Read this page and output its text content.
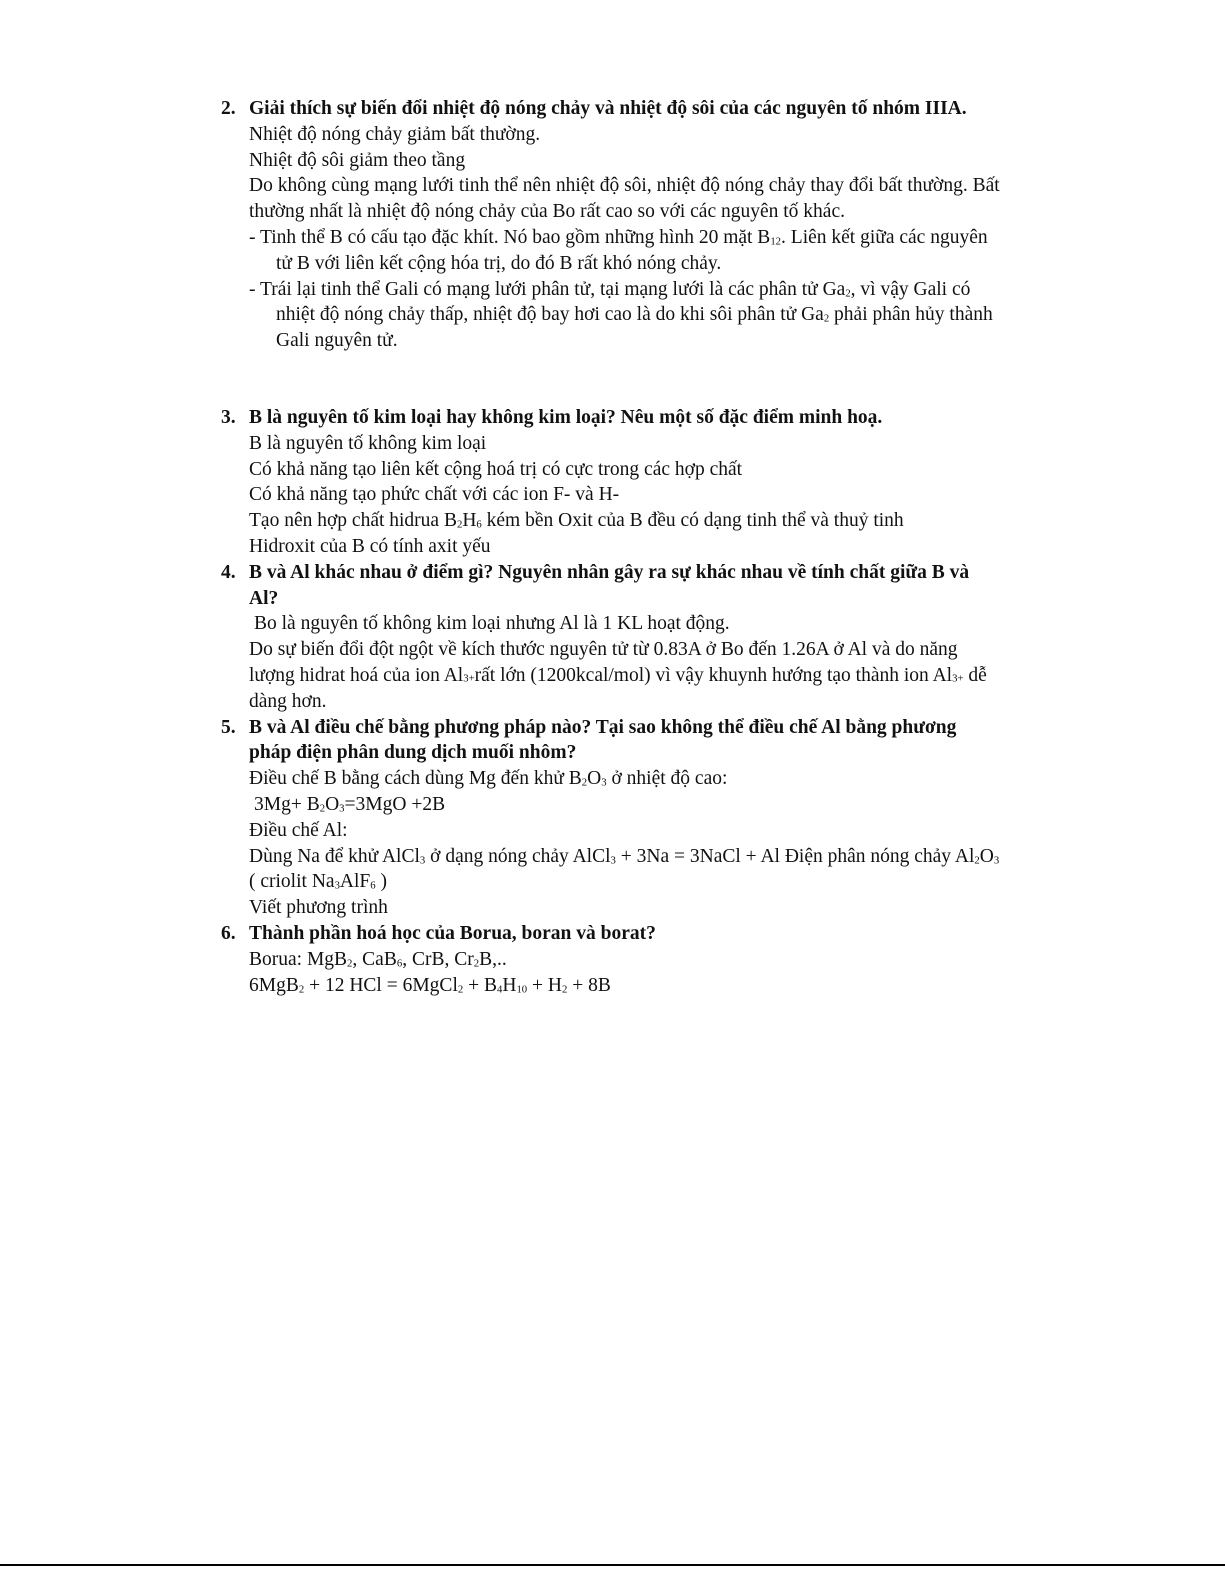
2. Giải thích sự biến đổi nhiệt độ nóng chảy và nhiệt độ sôi của các nguyên tố nhóm IIIA.
Nhiệt độ nóng chảy giảm bất thường.
Nhiệt độ sôi giảm theo tầng
Do không cùng mạng lưới tinh thể nên nhiệt độ sôi, nhiệt độ nóng chảy thay đổi bất thường. Bất thường nhất là nhiệt độ nóng chảy của Bo rất cao so với các nguyên tố khác.
- Tinh thể B có cấu tạo đặc khít. Nó bao gồm những hình 20 mặt $B_{12}$. Liên kết giữa các nguyên tử B với liên kết cộng hóa trị, do đó B rất khó nóng chảy.
- Trái lại tinh thể Gali có mạng lưới phân tử, tại mạng lưới là các phân tử $Ga_2$, vì vậy Gali có nhiệt độ nóng chảy thấp, nhiệt độ bay hơi cao là do khi sôi phân tử $Ga_2$ phải phân hủy thành Gali nguyên tử.
3. B là nguyên tố kim loại hay không kim loại? Nêu một số đặc điểm minh hoạ.
B là nguyên tố không kim loại
Có khả năng tạo liên kết cộng hoá trị có cực trong các hợp chất
Có khả năng tạo phức chất với các ion F- và H-
Tạo nên hợp chất hidrua $B_2H_6$ kém bền Oxit của B đều có dạng tinh thể và thuỷ tinh
Hidroxit của B có tính axit yếu
4. B và Al khác nhau ở điểm gì? Nguyên nhân gây ra sự khác nhau về tính chất giữa B và Al?
Bo là nguyên tố không kim loại nhưng Al là 1 KL hoạt động.
Do sự biến đổi đột ngột về kích thước nguyên tử từ 0.83A ở Bo đến 1.26A ở Al và do năng lượng hidrat hoá của ion $Al^{3+}rất$ lớn (1200kcal/mol) vì vậy khuynh hướng tạo thành ion $Al^{3+}$ dễ dàng hơn.
5. B và Al điều chế bằng phương pháp nào? Tại sao không thể điều chế Al bằng phương pháp điện phân dung dịch muối nhôm?
Điều chế B bằng cách dùng Mg đến khử $B_2O_3$ ở nhiệt độ cao:
$3Mg+ B_2O_3=3MgO +2B$
Điều chế Al:
Dùng Na để khử AlCl$_3$ ở dạng nóng chảy AlCl$_3$ + 3Na = 3NaCl + Al Điện phân nóng chảy $Al_2O_3$ ( criolit $Na_3AlF_6$ )
Viết phương trình
6. Thành phần hoá học của Borua, boran và borat?
Borua: MgB$_2$, CaB$_6$, CrB, $Cr_2B$,..
6MgB$_2$ + 12 HCl = 6MgCl$_2$ + $B_4H_{10} + H_2 + 8B$
